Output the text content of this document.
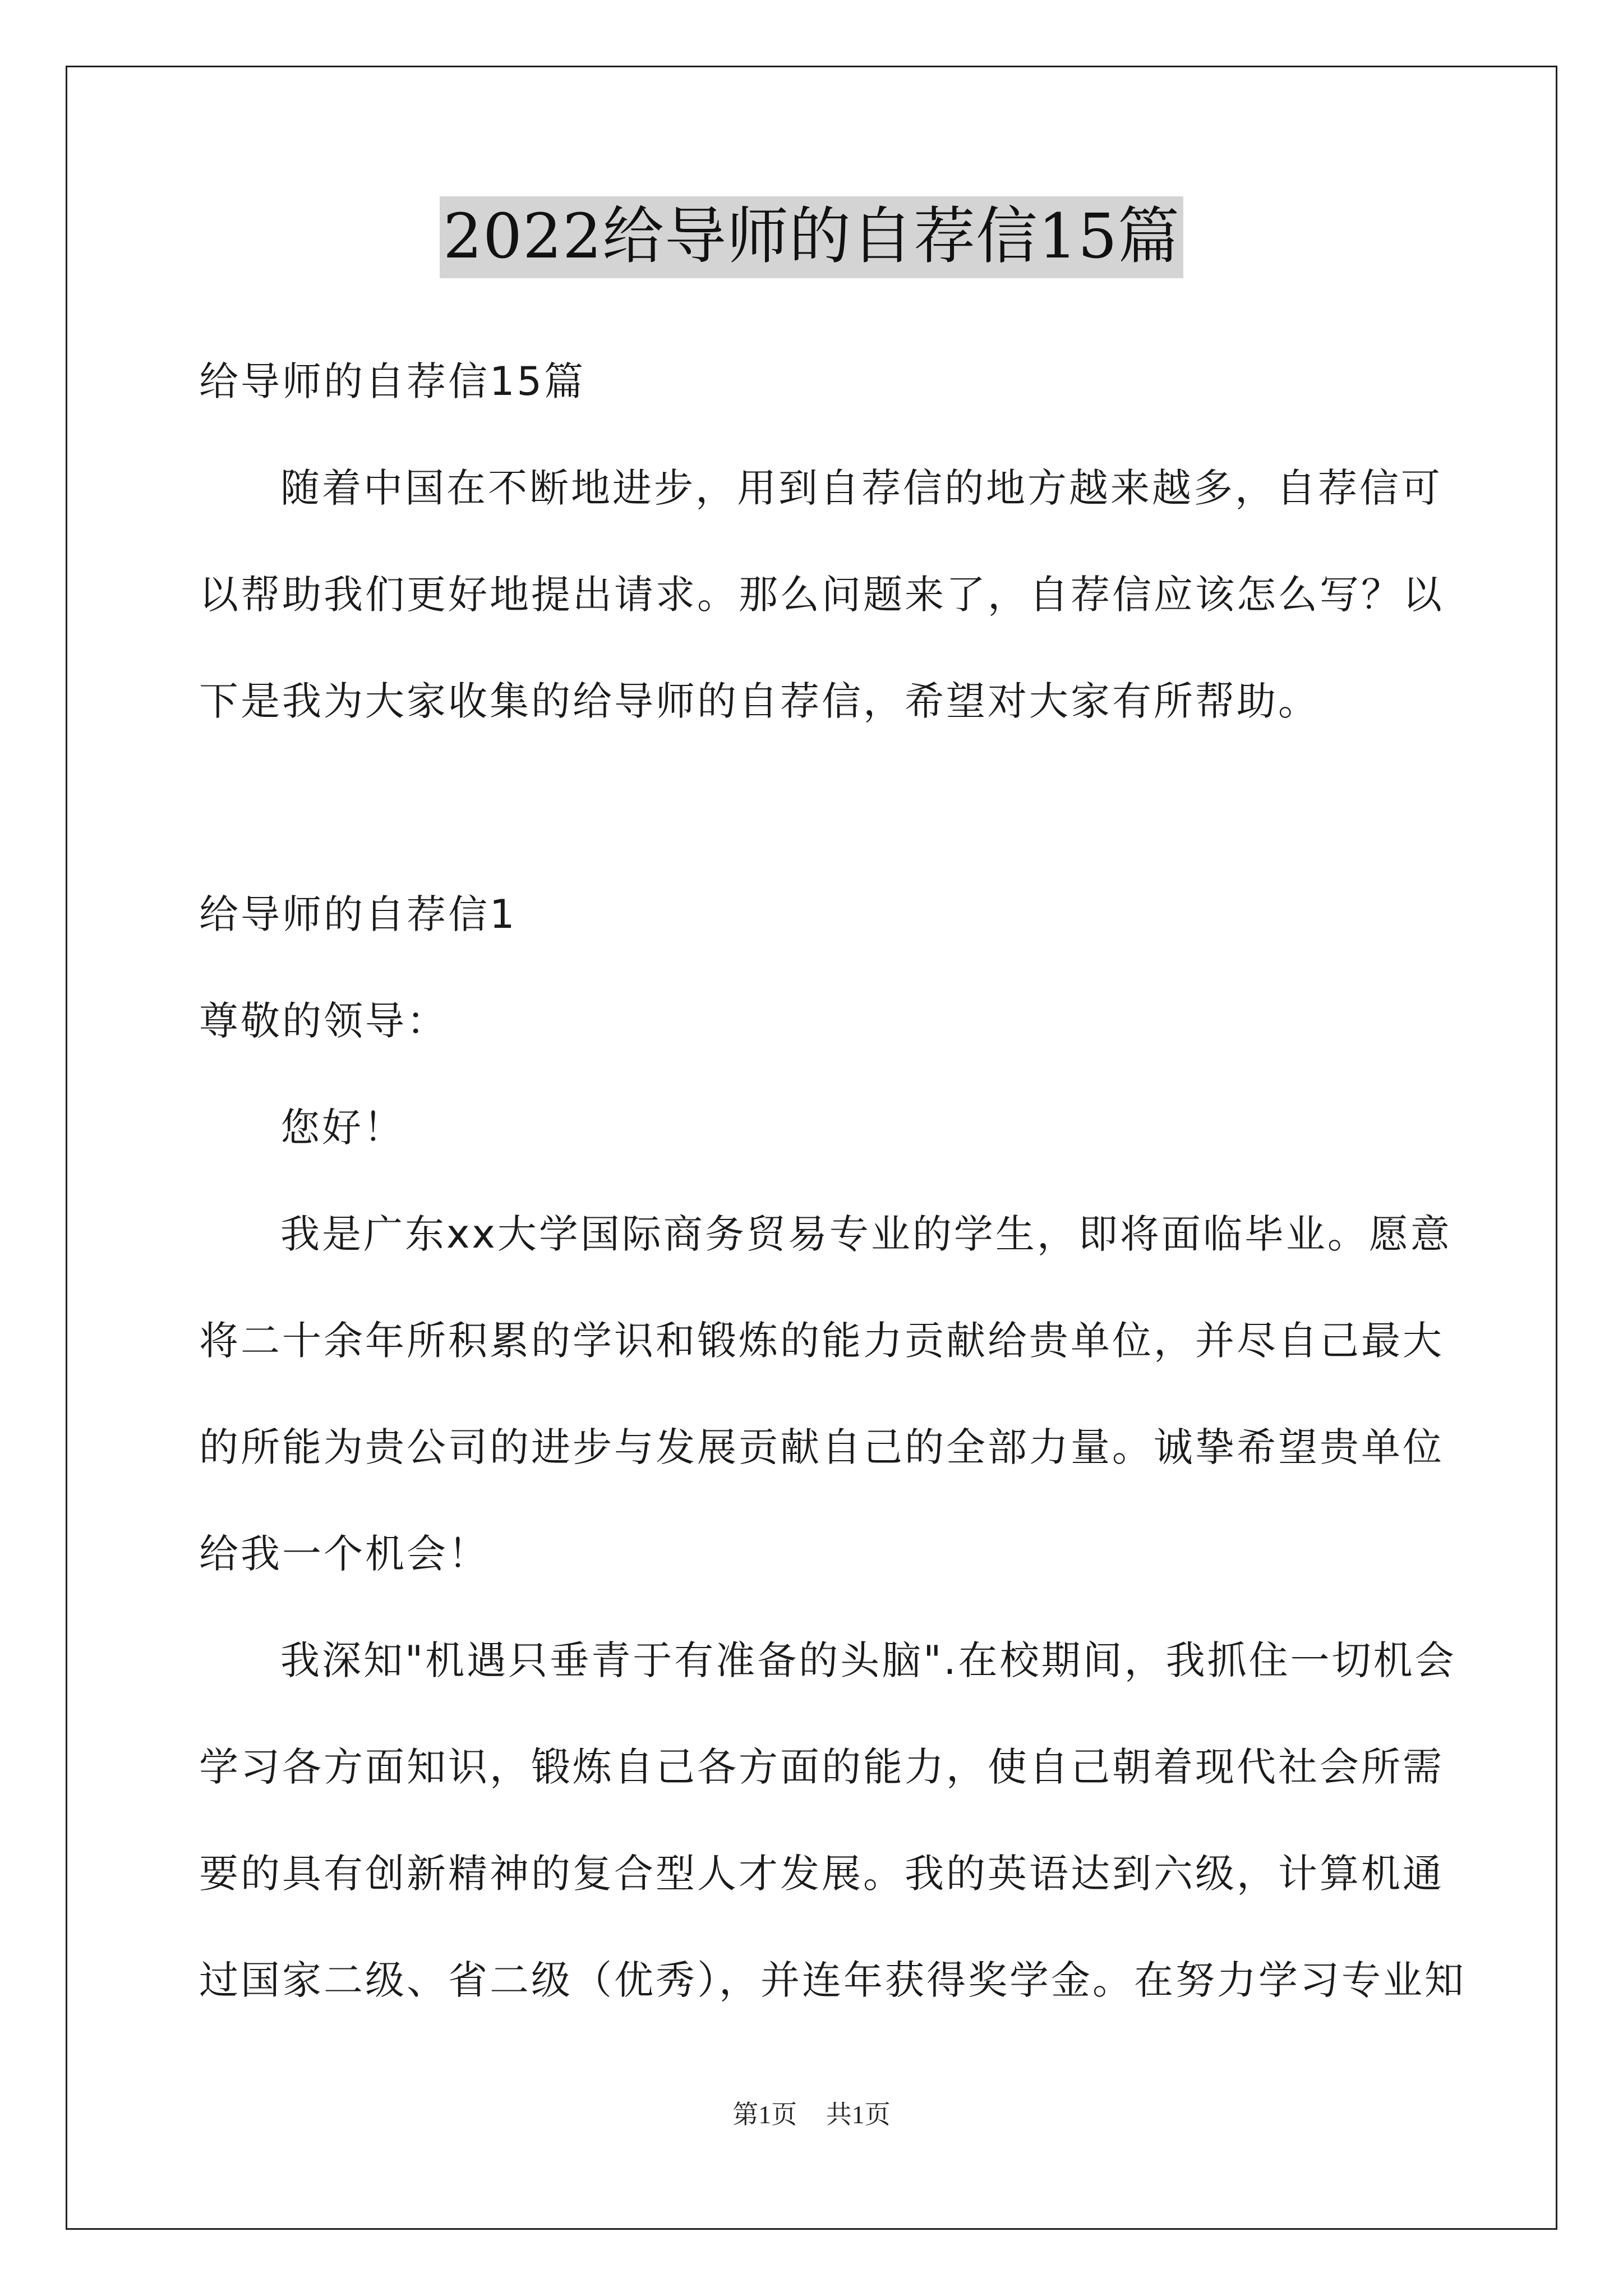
2022给导师的自荐信15篇
给导师的自荐信15篇
随着中国在不断地进步，用到自荐信的地方越来越多，自荐信可
以帮助我们更好地提出请求。那么问题来了，自荐信应该怎么写？以
下是我为大家收集的给导师的自荐信，希望对大家有所帮助。
给导师的自荐信1
尊敬的领导：
您好！
我是广东xx大学国际商务贸易专业的学生，即将面临毕业。愿意
将二十余年所积累的学识和锻炼的能力贡献给贵单位，并尽自己最大
的所能为贵公司的进步与发展贡献自己的全部力量。诚挚希望贵单位
给我一个机会！
我深知"机遇只垂青于有准备的头脑".在校期间，我抓住一切机会
学习各方面知识，锻炼自己各方面的能力，使自己朝着现代社会所需
要的具有创新精神的复合型人才发展。我的英语达到六级，计算机通
过国家二级、省二级（优秀），并连年获得奖学金。在努力学习专业知
第1页 共1页
